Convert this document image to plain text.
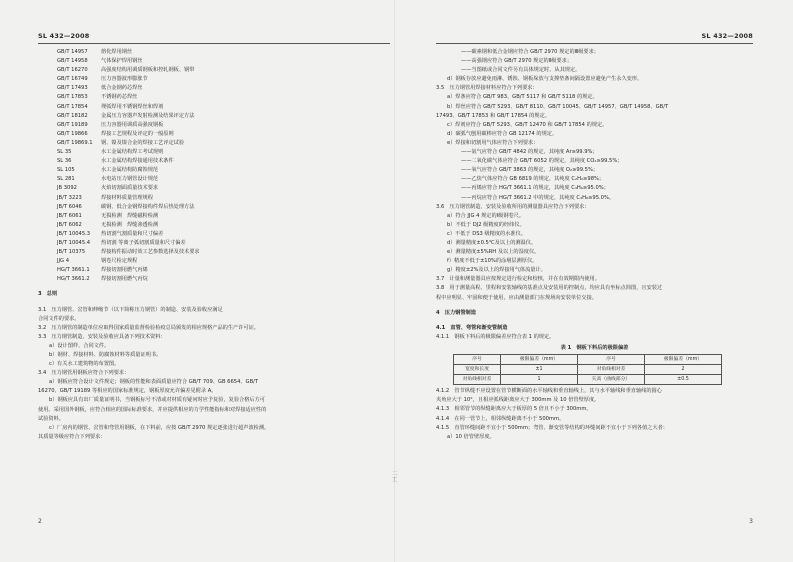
二工
SL 432—2008
GB/T 14957	熔化焊用钢丝
GB/T 14958	气体保护焊用钢丝
GB/T 16270	高强度结构用调质钢板和控轧钢板、钢带
GB/T 16749	压力容器波形膨胀节
GB/T 17493	低合金钢药芯焊丝
GB/T 17853	不锈钢药芯焊丝
GB/T 17854	埋弧焊用不锈钢焊丝和焊剂
GB/T 18182	金属压力容器声发射检测及结果评定方法
GB/T 19189	压力容器用调质高强度钢板
GB/T 19866	焊接工艺规程及评定的一般原则
GB/T 19869.1 钢、镍及镍合金的焊接工艺评定试验
SL 35	水工金属结构焊工考试规则
SL 36	水工金属结构焊接通用技术条件
SL 105	水工金属结构防腐蚀规范
SL 281	水电站压力钢管设计规范
JB 3092	火焰切割面质量技术要求
JB/T 3223	焊接材料质量管理规程
JB/T 6046	碳钢、低合金钢焊接构件焊后热处理方法
JB/T 6061	无损检测　焊缝磁粉检测
JB/T 6062	无损检测　焊缝渗透检测
JB/T 10045.3 热切割气割质量和尺寸偏差
JB/T 10045.4 热切割 等离子弧切割质量和尺寸偏差
JB/T 10375	焊接构件振动时效工艺参数选择及技术要求
JJG 4	钢卷尺检定规程
HG/T 3661.1 焊接切割用燃气丙烯
HG/T 3661.2 焊接切割用燃气丙烷
3　总则
3.1　压力钢管、岔管和伸缩节（以下简称压力钢管）的制造、安装及验收应满足
合同文件的要求。
3.2　压力钢管的制造单位应取得国家质量监督检验检疫总局颁发的相应规格产品的生产许可证。
3.3　压力钢管制造、安装及验收应具备下列技术资料：
a）设计图样、合同文件。
b）钢材、焊接材料、防腐蚀材料等质量证明书。
c）有关水工建筑物的布置图。
3.4　压力钢管用钢板应符合下列要求：
a）钢板应符合设计文件规定；钢板的性能和表面质量应符合 GB/T 709、GB 6654、GB/T
16270、GB/T 19189 等相应的国家标准规定，钢板厚度允许偏差见附录 A。
b）钢板应具有出厂质量证明书，当钢板标号不清或对材质有疑问时应予复验，复验合格后方可
使用。采用国外钢板，应符合相应的国际标准要求，并应提供相应的力学性能指标和对焊接适应性的
试验资料。
c）厂房内的钢管、岔管和弯管用钢板，在下料前，应按 GB/T 2970 规定逐张进行超声波检测。
其质量等级应符合下列要求：
2
SL 432—2008
——碳素钢和低合金钢应符合 GB/T 2970 规定的Ⅲ级要求；
——高强钢应符合 GB/T 2970 规定的Ⅱ级要求；
——当图纸或合同文件另有具体规定时，从其规定。
d）钢板存放应避免雨淋、锈蚀、钢板垛放与支撑垫条间隔设置应避免产生永久变形。
3.5　压力钢管用焊接材料应符合下列要求：
a）焊条应符合 GB/T 983、GB/T 5117 和 GB/T 5118 的规定。
b）焊丝应符合 GB/T 5293、GB/T 8110、GB/T 10045、GB/T 14957、GB/T 14958、GB/T
17493、GB/T 17853 和 GB/T 17854 的规定。
c）焊剂应符合 GB/T 5293、GB/T 12470 和 GB/T 17854 的规定。
d）碳弧气刨用碳棒应符合 GB 12174 的规定。
e）焊接和切割用气体应符合下列要求：
——氩气应符合 GB/T 4842 的规定，其纯度 Ar≥99.9%；
——二氧化碳气体应符合 GB/T 6052 的规定，其纯度 CO₂≥99.5%；
——氧气应符合 GB/T 3863 的规定，其纯度 O₂≥99.5%；
——乙炔气体应符合 GB 6819 的规定，其纯度 C₂H₂≥98%；
——丙烯应符合 HG/T 3661.1 的规定，其纯度 C₃H₆≥95.0%；
——丙烷应符合 HG/T 3661.2 中的规定，其纯度 C₃H₈≥95.0%。
3.6　压力钢管制造、安装及验收所用的测量器具应符合下列要求：
a）符合 JJG 4 规定的Ⅰ级钢卷尺。
b）不低于 DJ2 级精度的经纬仪。
c）不低于 DS3 级精度的水准仪。
d）测量精度±0.5℃及以上的测温仪。
e）测量精度±5%RH 及以上的湿度仪。
f）精度不低于±10%的涂層层测厚仪。
g）精度±2%及以上的焊接用气体流量计。
3.7　计量和测量器具应按规定进行检定和校核，并在有效期限内使用。
3.8　用于测量高程、里程和安装轴线的基准点及安装用的控制点，均应具有坐标点简图，且安装过
程中应明显、牢固和便于使用，应由测量部门在规场向安装单位交接。
4　压力钢管制造
4.1　直管、弯管和渐变管制造
4.1.1　钢板下料后的极限偏差应符合表 1 的规定。
表 1　钢板下料后的极限偏差
序号	极限偏差（mm）	序号	极限偏差（mm）
宽度和长度	±1	对角线相对差	2
对角线相对差	1	矢高（曲线部分）	±0.5
4.1.2　管节纵缝不应设置在管节横断面的水平轴线和垂直轴线上，其与水平轴线和垂直轴线的圆心
夹角应大于 10°，且相应弧线距离应大于 300mm 及 10 倍管壁厚度。
4.1.3　相邻管节的纵缝距离应大于板厚的 5 倍且不小于 300mm。
4.1.4　在同一管节上，相邻纵缝距离不小于 500mm。
4.1.5　直管环缝间距不宜小于 500mm；弯管、渐变管等结构的环缝间距不宜小于下列各值之大者：
a）10 倍管壁厚度。
3
